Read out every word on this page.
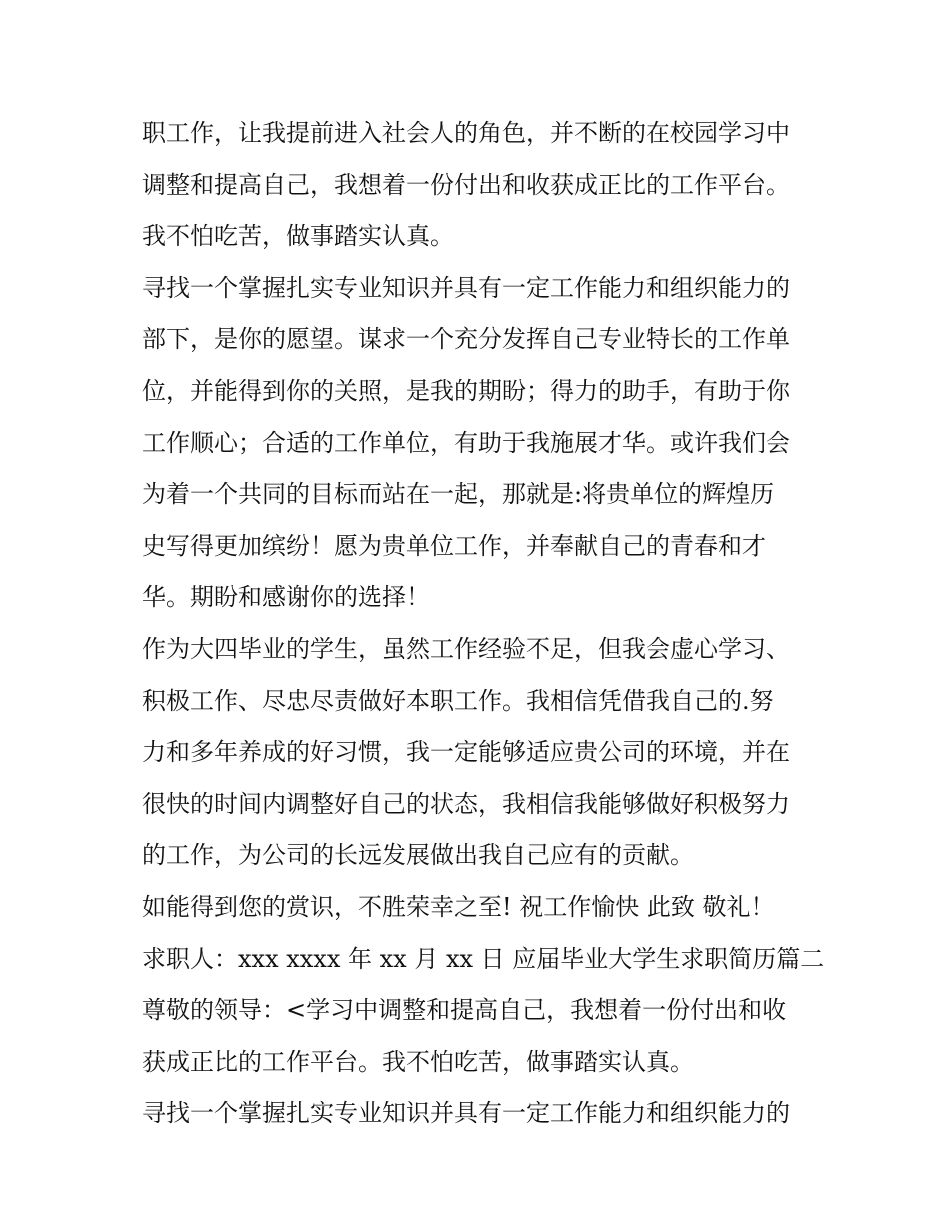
职工作，让我提前进入社会人的角色，并不断的在校园学习中
调整和提高自己，我想着一份付出和收获成正比的工作平台。
我不怕吃苦，做事踏实认真。
寻找一个掌握扎实专业知识并具有一定工作能力和组织能力的
部下，是你的愿望。谋求一个充分发挥自己专业特长的工作单
位，并能得到你的关照，是我的期盼；得力的助手，有助于你
工作顺心；合适的工作单位，有助于我施展才华。或许我们会
为着一个共同的目标而站在一起，那就是:将贵单位的辉煌历
史写得更加缤纷！愿为贵单位工作，并奉献自己的青春和才
华。期盼和感谢你的选择！
作为大四毕业的学生，虽然工作经验不足，但我会虚心学习、
积极工作、尽忠尽责做好本职工作。我相信凭借我自己的.努
力和多年养成的好习惯，我一定能够适应贵公司的环境，并在
很快的时间内调整好自己的状态，我相信我能够做好积极努力
的工作，为公司的长远发展做出我自己应有的贡献。
如能得到您的赏识，不胜荣幸之至! 祝工作愉快 此致 敬礼！
求职人：xxx xxxx 年 xx 月 xx 日 应届毕业大学生求职简历篇二
尊敬的领导：<学习中调整和提高自己，我想着一份付出和收
获成正比的工作平台。我不怕吃苦，做事踏实认真。
寻找一个掌握扎实专业知识并具有一定工作能力和组织能力的
